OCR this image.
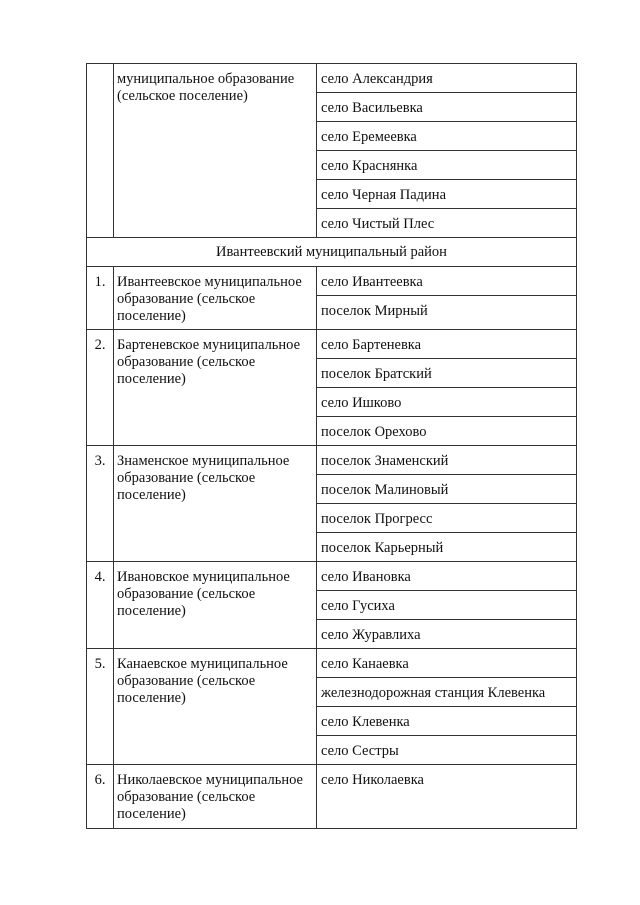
	муниципальное образование (сельское поселение)	село Александрия
		село Васильевка
		село Еремеевка
		село Краснянка
		село Черная Падина
		село Чистый Плес
Ивантеевский муниципальный район		
1.	Ивантеевское муниципальное образование (сельское поселение)	село Ивантеевка
		поселок Мирный
2.	Бартеневское муниципальное образование (сельское поселение)	село Бартеневка
		поселок Братский
		село Ишково
		поселок Орехово
3.	Знаменское муниципальное образование (сельское поселение)	поселок Знаменский
		поселок Малиновый
		поселок Прогресс
		поселок Карьерный
4.	Ивановское муниципальное образование (сельское поселение)	село Ивановка
		село Гусиха
		село Журавлиха
5.	Канаевское муниципальное образование (сельское поселение)	село Канаевка
		железнодорожная станция Клевенка
		село Клевенка
		село Сестры
6.	Николаевское муниципальное образование (сельское поселение)	село Николаевка
